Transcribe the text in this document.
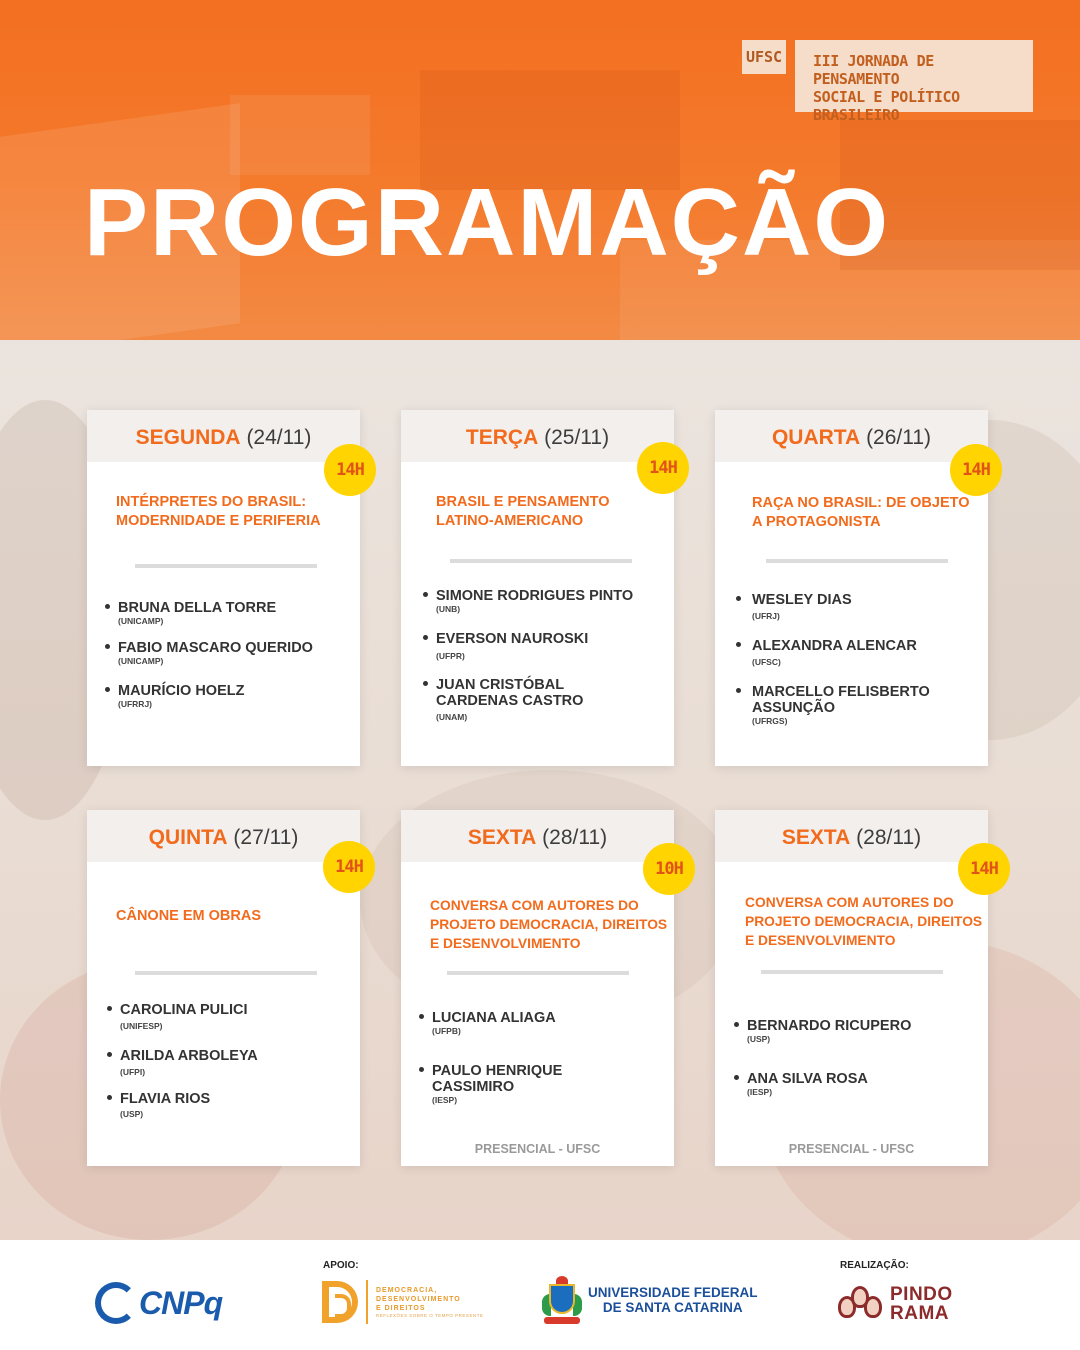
UFSC III JORNADA DE PENSAMENTO
SOCIAL E POLÍTICO BRASILEIRO
PROGRAMAÇÃO
SEGUNDA (24/11)
14H
INTÉRPRETES DO BRASIL: MODERNIDADE E PERIFERIA
BRUNA DELLA TORRE
(UNICAMP)
FABIO MASCARO QUERIDO
(UNICAMP)
MAURÍCIO HOELZ
(UFRRJ)
TERÇA (25/11)
14H
BRASIL E PENSAMENTO LATINO-AMERICANO
SIMONE RODRIGUES PINTO
(UNB)
EVERSON NAUROSKI
(UFPR)
JUAN CRISTÓBAL
CARDENAS CASTRO
(UNAM)
QUARTA (26/11)
14H
RAÇA NO BRASIL: DE OBJETO A PROTAGONISTA
WESLEY DIAS
(UFRJ)
ALEXANDRA ALENCAR
(UFSC)
MARCELLO FELISBERTO
ASSUNÇÃO
(UFRGS)
QUINTA (27/11)
14H
CÂNONE EM OBRAS
CAROLINA PULICI
(UNIFESP)
ARILDA ARBOLEYA
(UFPI)
FLAVIA RIOS
(USP)
SEXTA (28/11)
10H
CONVERSA COM AUTORES DO PROJETO DEMOCRACIA, DIREITOS E DESENVOLVIMENTO
LUCIANA ALIAGA
(UFPB)
PAULO HENRIQUE
CASSIMIRO
(IESP)
PRESENCIAL - UFSC
SEXTA (28/11)
14H
CONVERSA COM AUTORES DO PROJETO DEMOCRACIA, DIREITOS E DESENVOLVIMENTO
BERNARDO RICUPERO
(USP)
ANA SILVA ROSA
(IESP)
PRESENCIAL - UFSC
APOIO:	REALIZAÇÃO:
CNPq	DEMOCRACIA,
DESENVOLVIMENTO
E DIREITOS
REFLEXÕES SOBRE O TEMPO PRESENTE
UNIVERSIDADE FEDERAL
DE SANTA CATARINA
PINDO
RAMA
